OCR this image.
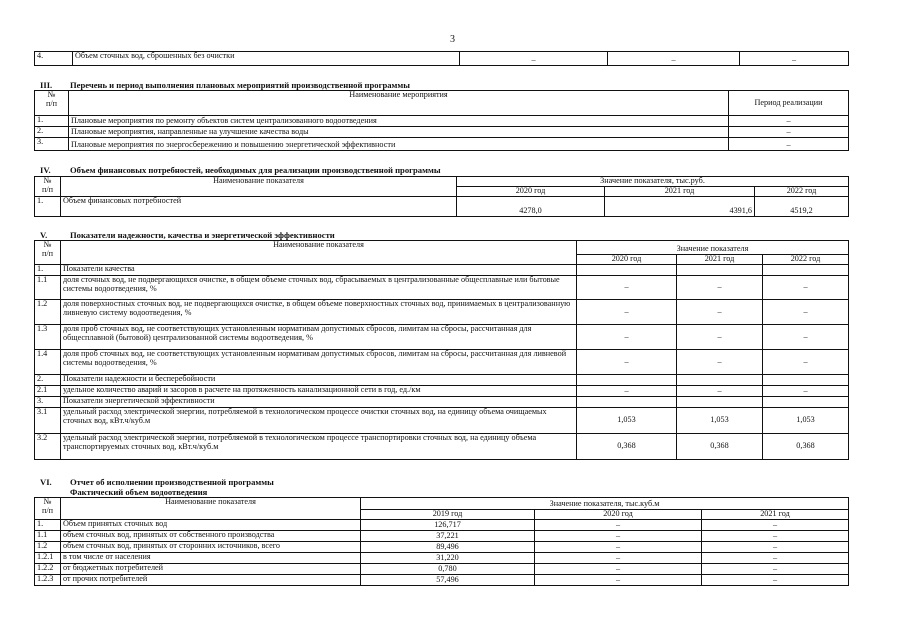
3
4.	Объем сточных вод, сброшенных без очистки	–	–	–
III. Перечень и период выполнения плановых мероприятий производственной программы
№
п/п	Наименование мероприятия	Период реализации
1.	Плановые мероприятия по ремонту объектов систем централизованного водоотведения	–
2.	Плановые мероприятия, направленные на улучшение качества воды	–
3.	Плановые мероприятия по энергосбережению и повышению энергетической эффективности	–
IV. Объем финансовых потребностей, необходимых для реализации производственной программы
№
п/п	Наименование показателя	Значение показателя, тыс.руб.		
		2020 год	2021 год	2022 год
1.	Объем финансовых потребностей	4278,0	4391,6	4519,2
V.	Показатели надежности, качества и энергетической эффективности
№
п/п	Наименование показателя	Значение показателя		
		2020 год	2021 год	2022 год
1.	Показатели качества			
1.1	доля сточных вод, не подвергающихся очистке, в общем объеме сточных вод, сбрасываемых в централизованные общесплавные или бытовые системы водоотведения, %	–	–	–
1.2	доля поверхностных сточных вод, не подвергающихся очистке, в общем объеме поверхностных сточных вод, принимаемых в централизованную ливневую систему водоотведения, %	–	–	–
1.3	доля проб сточных вод, не соответствующих установленным нормативам допустимых сбросов, лимитам на сбросы, рассчитанная для общесплавной (бытовой) централизованной системы водоотведения, %	–	–	–
1.4	доля проб сточных вод, не соответствующих установленным нормативам допустимых сбросов, лимитам на сбросы, рассчитанная для ливневой системы водоотведения, %	–	–	–
2.	Показатели надежности и бесперебойности			
2.1	удельное количество аварий и засоров в расчете на протяженность канализационной сети в год, ед./км	–	–	–
3.	Показатели энергетической эффективности			
3.1	удельный расход электрической энергии, потребляемой в технологическом процессе очистки сточных вод, на единицу объема очищаемых сточных вод, кВт.ч/куб.м	1,053	1,053	1,053
3.2	удельный расход электрической энергии, потребляемой в технологическом процессе транспортировки сточных вод, на единицу объема транспортируемых сточных вод, кВт.ч/куб.м	0,368	0,368	0,368
VI. Отчет об исполнении производственной программы
Фактический объем водоотведения
№
п/п	Наименование показателя	Значение показателя, тыс.куб.м		
		2019 год	2020 год	2021 год
1.	Объем принятых сточных вод	126,717	–	–
1.1	объем сточных вод, принятых от собственного производства	37,221	–	–
1.2	объем сточных вод, принятых от сторонних источников, всего	89,496	–	–
1.2.1	в том числе от населения	31,220	–	–
1.2.2	от бюджетных потребителей	0,780	–	–
1.2.3	от прочих потребителей	57,496	–	–
